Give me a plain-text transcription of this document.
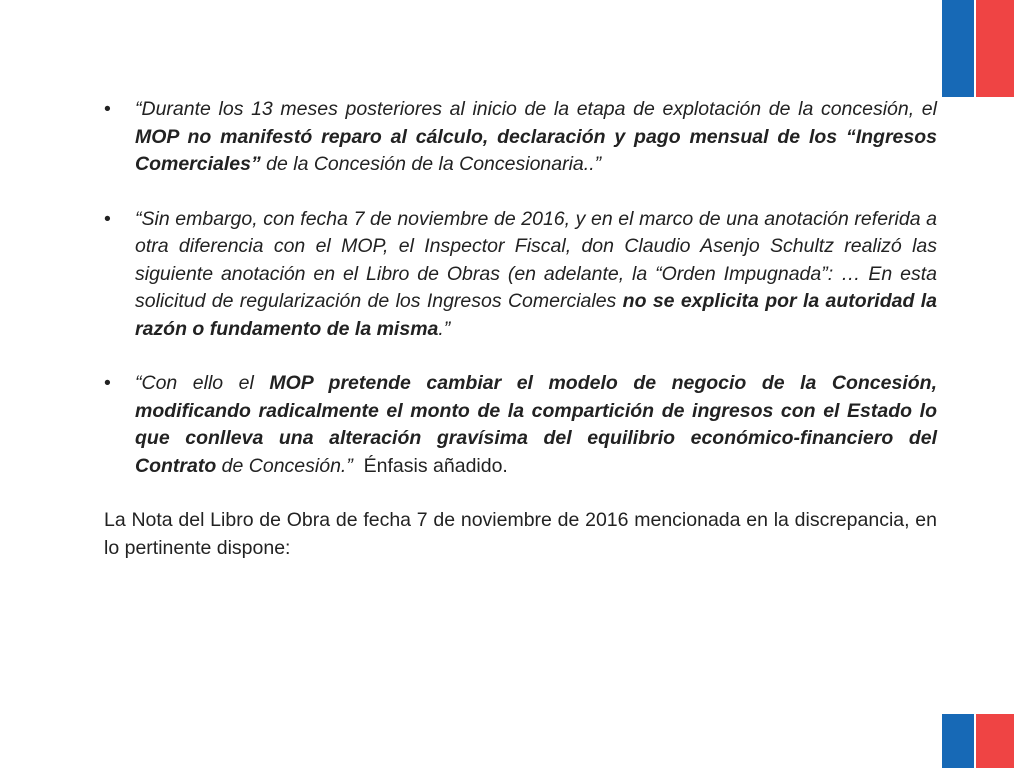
• “Durante los 13 meses posteriores al inicio de la etapa de explotación de la concesión, el MOP no manifestó reparo al cálculo, declaración y pago mensual de los “Ingresos Comerciales” de la Concesión de la Concesionaria..”
• “Sin embargo, con fecha 7 de noviembre de 2016, y en el marco de una anotación referida a otra diferencia con el MOP, el Inspector Fiscal, don Claudio Asenjo Schultz realizó las siguiente anotación en el Libro de Obras (en adelante, la “Orden Impugnada”: … En esta solicitud de regularización de los Ingresos Comerciales no se explicita por la autoridad la razón o fundamento de la misma.”
• “Con ello el MOP pretende cambiar el modelo de negocio de la Concesión, modificando radicalmente el monto de la compartición de ingresos con el Estado lo que conlleva una alteración gravísima del equilibrio económico-financiero del Contrato de Concesión.”  Énfasis añadido.

La Nota del Libro de Obra de fecha 7 de noviembre de 2016 mencionada en la discrepancia, en lo pertinente dispone:
